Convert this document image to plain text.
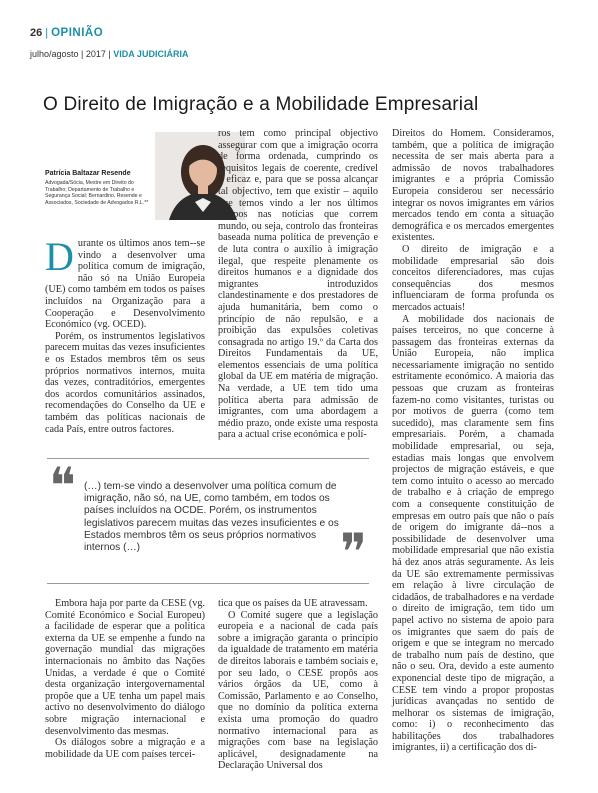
26 | OPINIÃO
julho/agosto | 2017 | VIDA JUDICIÁRIA
O Direito de Imigração e a Mobilidade Empresarial
Patrícia Baltazar Resende
Advogada/Sócia, Mestre em Direito do Trabalho; Departamento de Trabalho e Segurança Social; Bernardino, Resende e Associados, Sociedade de Advogados R.L.**

Durante os últimos anos tem--se vindo a desenvolver uma política comum de imigração, não só na União Europeia (UE) como também em todos os países incluídos na Organização para a Cooperação e Desenvolvimento Económico (vg. OCED).

Porém, os instrumentos legislativos parecem muitas das vezes insuficientes e os Estados membros têm os seus próprios normativos internos, muita das vezes, contraditórios, emergentes dos acordos comunitários assinados, recomendações do Conselho da UE e também das políticas nacionais de cada País, entre outros factores.

ros tem como principal objectivo assegurar com que a imigração ocorra de forma ordenada, cumprindo os requisitos legais de coerente, credível e eficaz e, para que se possa alcançar tal objectivo, tem que existir – aquilo que temos vindo a ler nos últimos tempos nas notícias que correm mundo, ou seja, controlo das fronteiras baseada numa política de prevenção e de luta contra o auxílio à imigração ilegal, que respeite plenamente os direitos humanos e a dignidade dos migrantes introduzidos clandestinamente e dos prestadores de ajuda humanitária, bem como o princípio de não repulsão, e a proibição das expulsões coletivas consagrada no artigo 19.º da Carta dos Direitos Fundamentais da UE, elementos essenciais de uma política global da UE em matéria de migração. Na verdade, a UE tem tido uma política aberta para admissão de imigrantes, com uma abordagem a médio prazo, onde existe uma resposta para a actual crise económica e polí-

Direitos do Homem. Consideramos, também, que a política de imigração necessita de ser mais aberta para a admissão de novos trabalhadores imigrantes e a própria Comissão Europeia considerou ser necessário integrar os novos imigrantes em vários mercados tendo em conta a situação demográfica e os mercados emergentes existentes.

O direito de imigração e a mobilidade empresarial são dois conceitos diferenciadores, mas cujas consequências dos mesmos influenciaram de forma profunda os mercados actuais!

A mobilidade dos nacionais de países terceiros, no que concerne à passagem das fronteiras externas da União Europeia, não implica necessariamente imigração no sentido estritamente económico. A maioria das pessoas que cruzam as fronteiras fazem-no como visitantes, turistas ou por motivos de guerra (como tem sucedido), mas claramente sem fins empresariais. Porém, a chamada mobilidade empresarial, ou seja, estadias mais longas que envolvem projectos de migração estáveis, e que tem como intuito o acesso ao mercado de trabalho e à criação de emprego com a consequente constituição de empresas em outro país que não o país de origem do imigrante dá--nos a possibilidade de desenvolver uma mobilidade empresarial que não existia há dez anos atrás seguramente. As leis da UE são extremamente permissivas em relação à livre circulação de cidadãos, de trabalhadores e na verdade o direito de imigração, tem tido um papel activo no sistema de apoio para os imigrantes que saem do país de origem e que se integram no mercado de trabalho num país de destino, que não o seu. Ora, devido a este aumento exponencial deste tipo de migração, a CESE tem vindo a propor propostas jurídicas avançadas no sentido de melhorar os sistemas de imigração, como: i) o reconhecimento das habilitações dos trabalhadores imigrantes, ii) a certificação dos di-

❝ (…) tem-se vindo a desenvolver uma política comum de imigração, não só, na UE, como também, em todos os países incluídos na OCDE. Porém, os instrumentos legislativos parecem muitas das vezes insuficientes e os Estados membros têm os seus próprios normativos internos (…)	❞

Embora haja por parte da CESE (vg. Comité Económico e Social Europeu) a facilidade de esperar que a política externa da UE se empenhe a fundo na governação mundial das migrações internacionais no âmbito das Nações Unidas, a verdade é que o Comité desta organização intergovernamental propõe que a UE tenha um papel mais activo no desenvolvimento do diálogo sobre migração internacional e desenvolvimento das mesmas.

Os diálogos sobre a migração e a mobilidade da UE com países tercei-

tica que os países da UE atravessam.

O Comité sugere que a legislação europeia e a nacional de cada país sobre a imigração garanta o princípio da igualdade de tratamento em matéria de direitos laborais e também sociais e, por seu lado, o CESE propôs aos vários órgãos da UE, como à Comissão, Parlamento e ao Conselho, que no domínio da política externa exista uma promoção do quadro normativo internacional para as migrações com base na legislação aplicável, designadamente na Declaração Universal dos
